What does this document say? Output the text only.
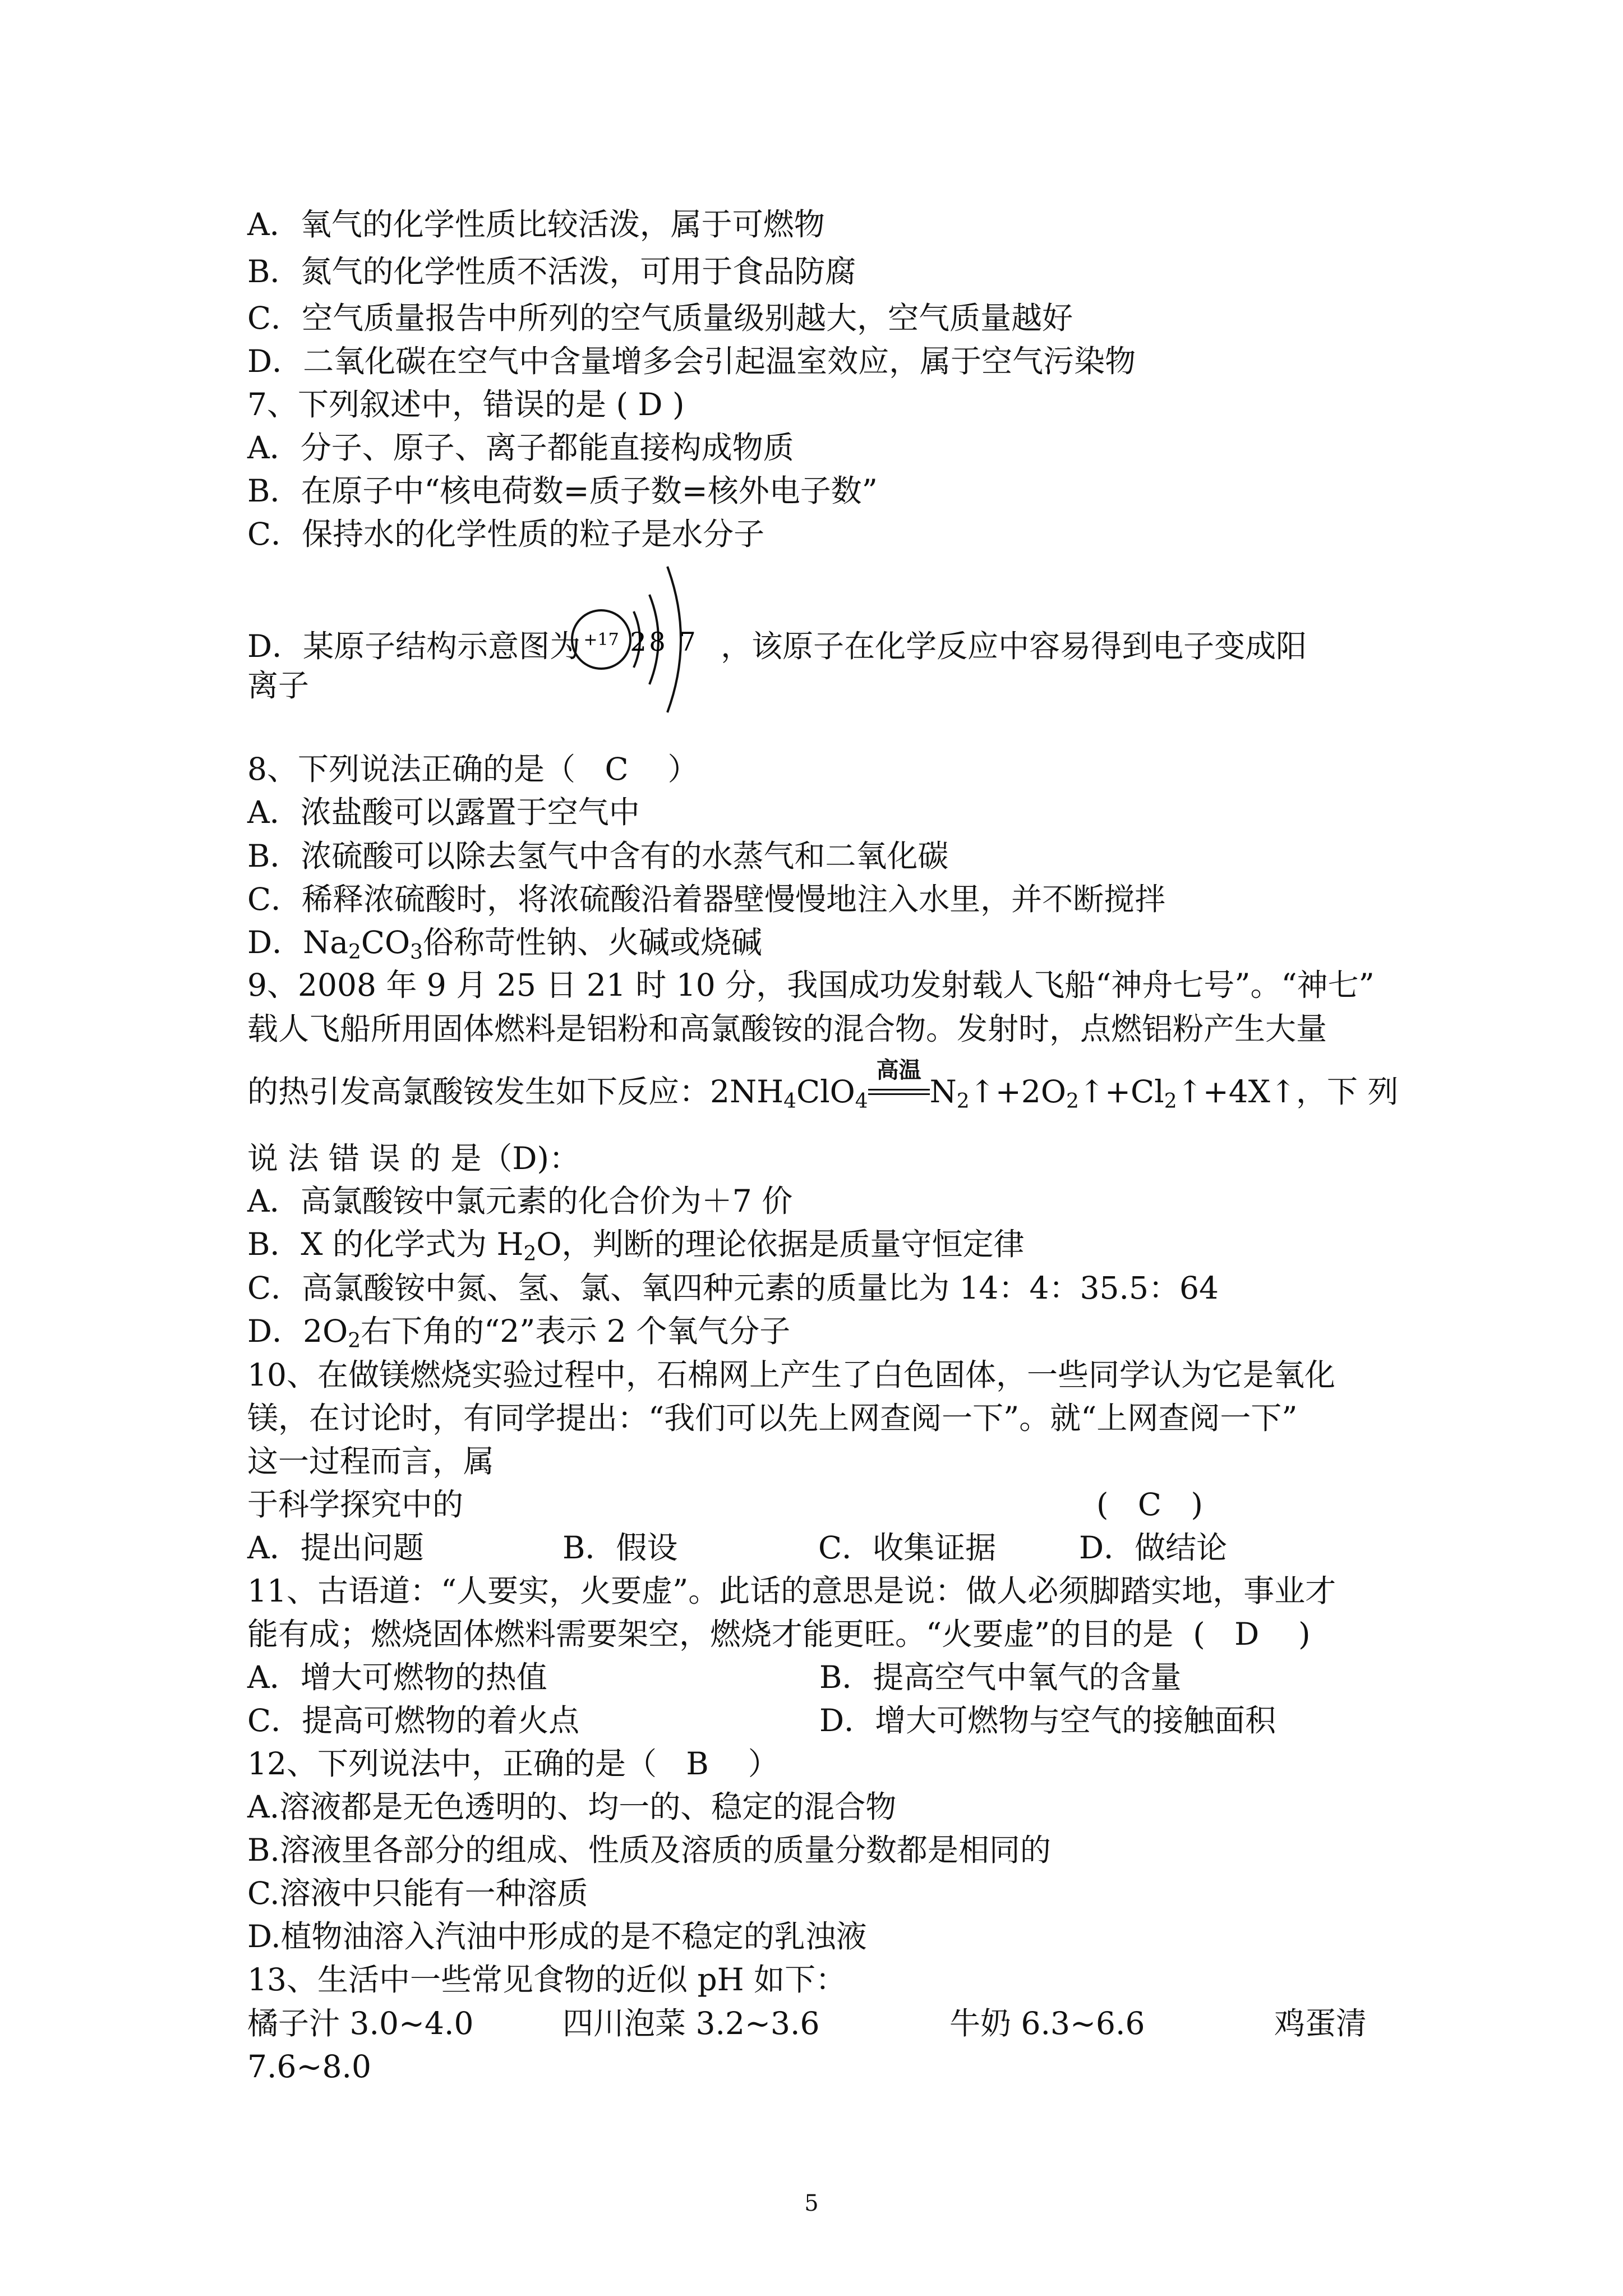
A．氧气的化学性质比较活泼，属于可燃物
B．氮气的化学性质不活泼，可用于食品防腐
C．空气质量报告中所列的空气质量级别越大，空气质量越好
D．二氧化碳在空气中含量增多会引起温室效应，属于空气污染物
7、下列叙述中，错误的是 ( D )
A．分子、原子、离子都能直接构成物质
B．在原子中“核电荷数=质子数=核外电子数”
C．保持水的化学性质的粒子是水分子
D．某原子结构示意图为	，该原子在化学反应中容易得到电子变成阳
离子
+17 2 8 7
8、下列说法正确的是（   C    ）
A．浓盐酸可以露置于空气中
B．浓硫酸可以除去氢气中含有的水蒸气和二氧化碳
C．稀释浓硫酸时，将浓硫酸沿着器壁慢慢地注入水里，并不断搅拌
D．$Na_2CO_3$俗称苛性钠、火碱或烧碱
9、2008 年 9 月 25 日 21 时 10 分，我国成功发射载人飞船“神舟七号”。“神七”
载人飞船所用固体燃料是铝粉和高氯酸铵的混合物。发射时，点燃铝粉产生大量
的热引发高氯酸铵发生如下反应：$2NH_4ClO_4$
高温
$N_2↑+2O_2↑+Cl_2↑+4X↑$，下 列
说 法 错 误 的 是（D)：
A．高氯酸铵中氯元素的化合价为＋7 价
B．X 的化学式为 $H_2O$，判断的理论依据是质量守恒定律
C．高氯酸铵中氮、氢、氯、氧四种元素的质量比为 14：4：35.5：64
D．$2O_2$右下角的“2”表示 2 个氧气分子
10、在做镁燃烧实验过程中，石棉网上产生了白色固体，一些同学认为它是氧化
镁，在讨论时，有同学提出：“我们可以先上网查阅一下”。就“上网查阅一下”
这一过程而言，属
于科学探究中的	(   C   )
A．提出问题	B．假设	C．收集证据	D．做结论
11、古语道：“人要实，火要虚”。此话的意思是说：做人必须脚踏实地，事业才
能有成；燃烧固体燃料需要架空，燃烧才能更旺。“火要虚”的目的是  (   D    )
A．增大可燃物的热值	B．提高空气中氧气的含量
C．提高可燃物的着火点	D．增大可燃物与空气的接触面积
12、下列说法中，正确的是（   B    ）
A.溶液都是无色透明的、均一的、稳定的混合物
B.溶液里各部分的组成、性质及溶质的质量分数都是相同的
C.溶液中只能有一种溶质
D.植物油溶入汽油中形成的是不稳定的乳浊液
13、生活中一些常见食物的近似 pH 如下：
橘子汁 3.0~4.0	四川泡菜 3.2~3.6	牛奶 6.3~6.6	鸡蛋清
7.6~8.0
5
